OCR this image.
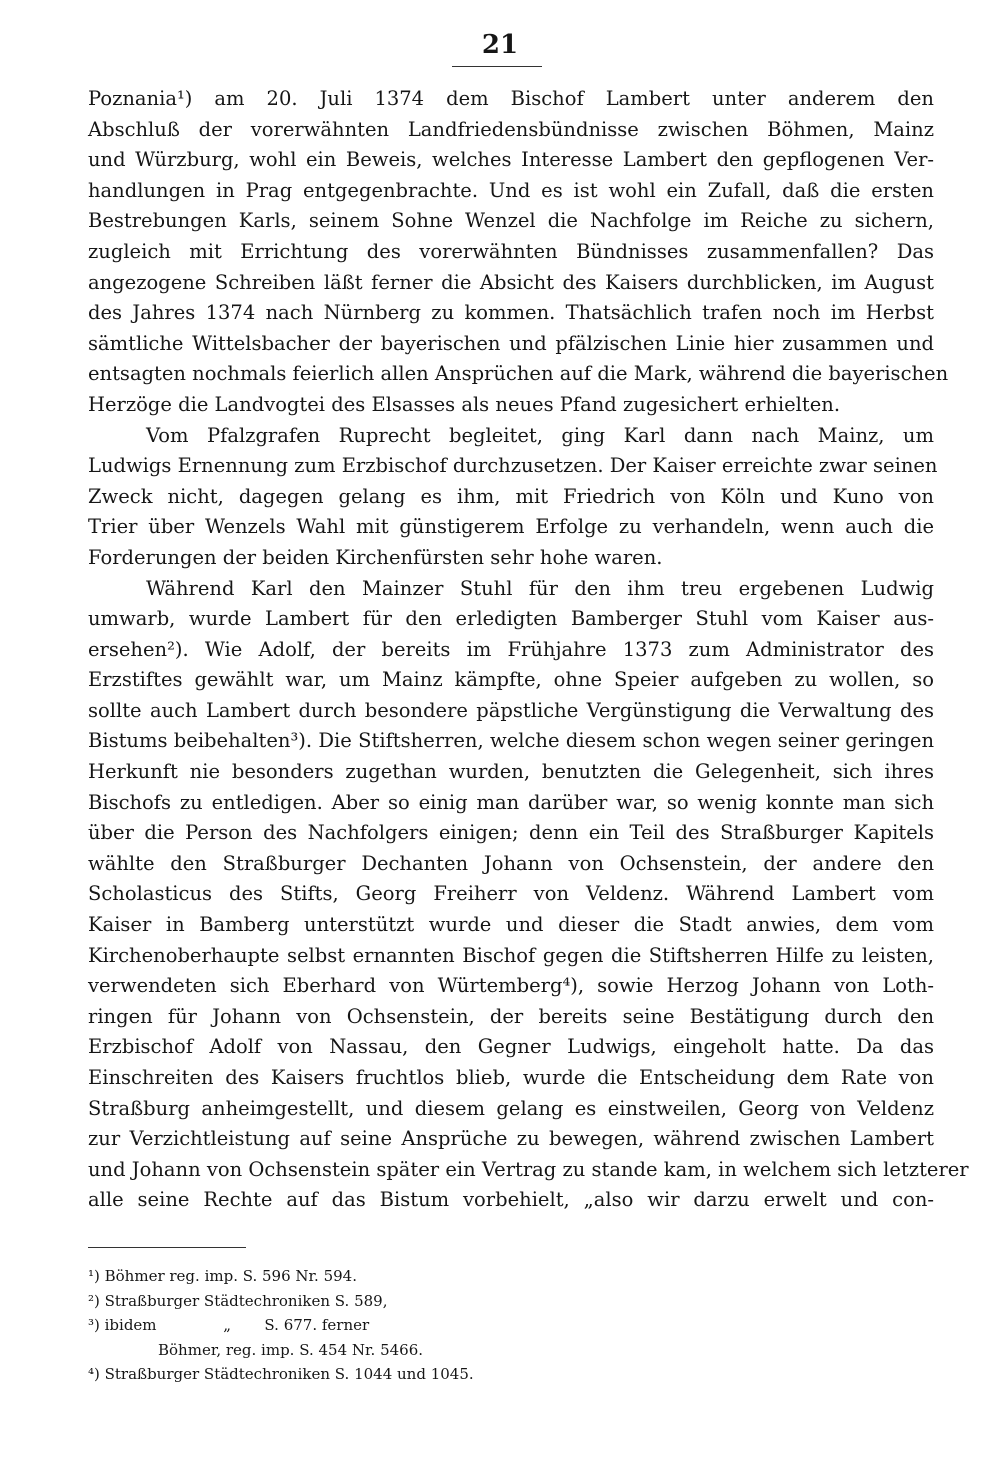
21
Poznania¹) am 20. Juli 1374 dem Bischof Lambert unter anderem den
Abschluß der vorerwähnten Landfriedensbündnisse zwischen Böhmen, Mainz
und Würzburg, wohl ein Beweis, welches Interesse Lambert den gepflogenen Ver-
handlungen in Prag entgegenbrachte. Und es ist wohl ein Zufall, daß die ersten
Bestrebungen Karls, seinem Sohne Wenzel die Nachfolge im Reiche zu sichern,
zugleich mit Errichtung des vorerwähnten Bündnisses zusammenfallen? Das
angezogene Schreiben läßt ferner die Absicht des Kaisers durchblicken, im August
des Jahres 1374 nach Nürnberg zu kommen. Thatsächlich trafen noch im Herbst
sämtliche Wittelsbacher der bayerischen und pfälzischen Linie hier zusammen und
entsagten nochmals feierlich allen Ansprüchen auf die Mark, während die bayerischen
Herzöge die Landvogtei des Elsasses als neues Pfand zugesichert erhielten.
Vom Pfalzgrafen Ruprecht begleitet, ging Karl dann nach Mainz, um
Ludwigs Ernennung zum Erzbischof durchzusetzen. Der Kaiser erreichte zwar seinen
Zweck nicht, dagegen gelang es ihm, mit Friedrich von Köln und Kuno von
Trier über Wenzels Wahl mit günstigerem Erfolge zu verhandeln, wenn auch die
Forderungen der beiden Kirchenfürsten sehr hohe waren.
Während Karl den Mainzer Stuhl für den ihm treu ergebenen Ludwig
umwarb, wurde Lambert für den erledigten Bamberger Stuhl vom Kaiser aus-
ersehen²). Wie Adolf, der bereits im Frühjahre 1373 zum Administrator des
Erzstiftes gewählt war, um Mainz kämpfte, ohne Speier aufgeben zu wollen, so
sollte auch Lambert durch besondere päpstliche Vergünstigung die Verwaltung des
Bistums beibehalten³). Die Stiftsherren, welche diesem schon wegen seiner geringen
Herkunft nie besonders zugethan wurden, benutzten die Gelegenheit, sich ihres
Bischofs zu entledigen. Aber so einig man darüber war, so wenig konnte man sich
über die Person des Nachfolgers einigen; denn ein Teil des Straßburger Kapitels
wählte den Straßburger Dechanten Johann von Ochsenstein, der andere den
Scholasticus des Stifts, Georg Freiherr von Veldenz. Während Lambert vom
Kaiser in Bamberg unterstützt wurde und dieser die Stadt anwies, dem vom
Kirchenoberhaupte selbst ernannten Bischof gegen die Stiftsherren Hilfe zu leisten,
verwendeten sich Eberhard von Würtemberg⁴), sowie Herzog Johann von Loth-
ringen für Johann von Ochsenstein, der bereits seine Bestätigung durch den
Erzbischof Adolf von Nassau, den Gegner Ludwigs, eingeholt hatte. Da das
Einschreiten des Kaisers fruchtlos blieb, wurde die Entscheidung dem Rate von
Straßburg anheimgestellt, und diesem gelang es einstweilen, Georg von Veldenz
zur Verzichtleistung auf seine Ansprüche zu bewegen, während zwischen Lambert
und Johann von Ochsenstein später ein Vertrag zu stande kam, in welchem sich letzterer
alle seine Rechte auf das Bistum vorbehielt, „also wir darzu erwelt und con-
¹) Böhmer reg. imp. S. 596 Nr. 594.
²) Straßburger Städtechroniken S. 589,
³) ibidem              „       S. 677. ferner
Böhmer, reg. imp. S. 454 Nr. 5466.
⁴) Straßburger Städtechroniken S. 1044 und 1045.
